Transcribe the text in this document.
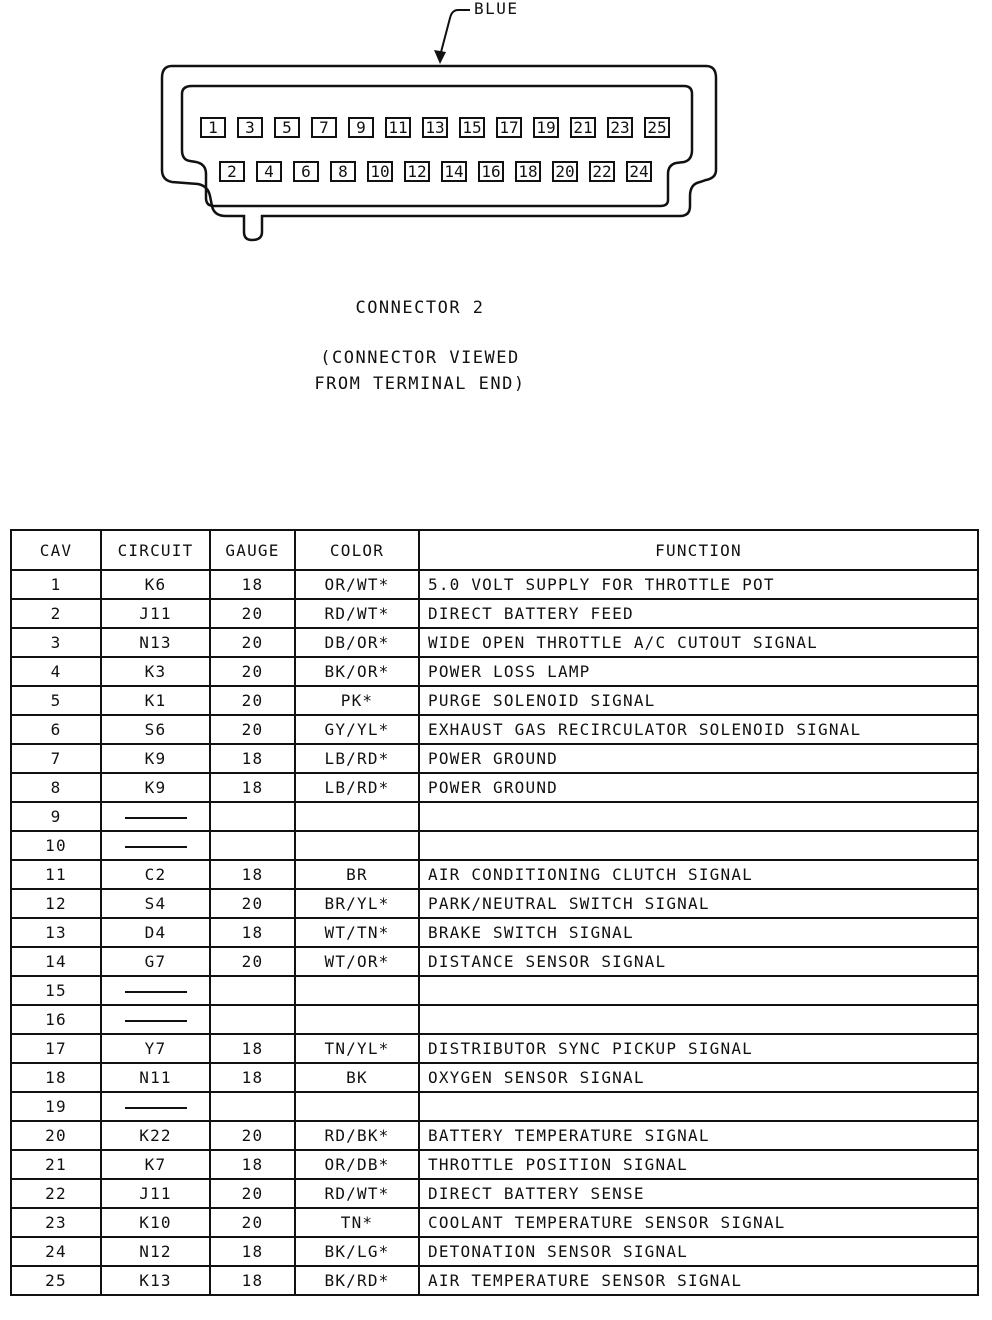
BLUE
1 3 5 7 9 11 13 15 17 19 21 23 25
2 4 6 8 10 12 14 16 18 20 22 24
CONNECTOR 2
(CONNECTOR VIEWED
FROM TERMINAL END)
CAV	CIRCUIT	GAUGE	COLOR	FUNCTION
1	K6	18	OR/WT*	5.0 VOLT SUPPLY FOR THROTTLE POT
2	J11	20	RD/WT*	DIRECT BATTERY FEED
3	N13	20	DB/OR*	WIDE OPEN THROTTLE A/C CUTOUT SIGNAL
4	K3	20	BK/OR*	POWER LOSS LAMP
5	K1	20	PK*	PURGE SOLENOID SIGNAL
6	S6	20	GY/YL*	EXHAUST GAS RECIRCULATOR SOLENOID SIGNAL
7	K9	18	LB/RD*	POWER GROUND
8	K9	18	LB/RD*	POWER GROUND
9				
10				
11	C2	18	BR	AIR CONDITIONING CLUTCH SIGNAL
12	S4	20	BR/YL*	PARK/NEUTRAL SWITCH SIGNAL
13	D4	18	WT/TN*	BRAKE SWITCH SIGNAL
14	G7	20	WT/OR*	DISTANCE SENSOR SIGNAL
15				
16				
17	Y7	18	TN/YL*	DISTRIBUTOR SYNC PICKUP SIGNAL
18	N11	18	BK	OXYGEN SENSOR SIGNAL
19				
20	K22	20	RD/BK*	BATTERY TEMPERATURE SIGNAL
21	K7	18	OR/DB*	THROTTLE POSITION SIGNAL
22	J11	20	RD/WT*	DIRECT BATTERY SENSE
23	K10	20	TN*	COOLANT TEMPERATURE SENSOR SIGNAL
24	N12	18	BK/LG*	DETONATION SENSOR SIGNAL
25	K13	18	BK/RD*	AIR TEMPERATURE SENSOR SIGNAL
